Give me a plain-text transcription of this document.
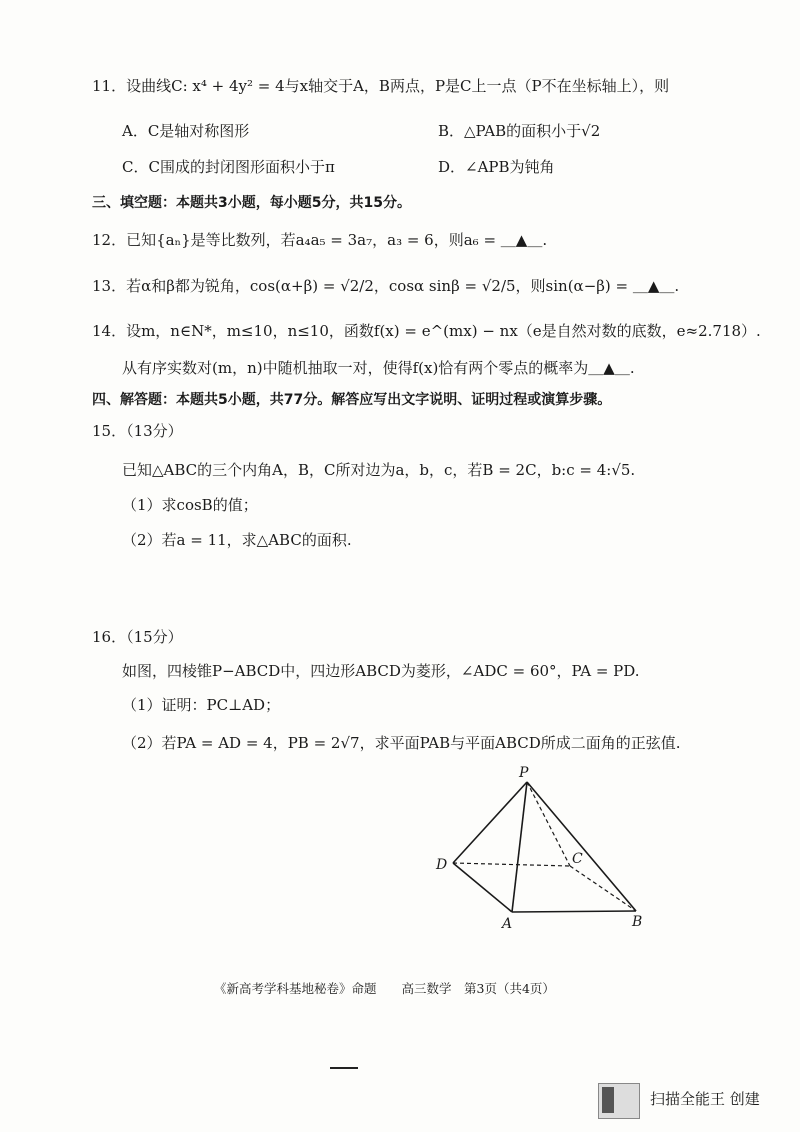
11．设曲线C: x⁴ + 4y² = 4与x轴交于A，B两点，P是C上一点（P不在坐标轴上），则
A．C是轴对称图形	B．△PAB的面积小于√2
C．C围成的封闭图形面积小于π	D．∠APB为钝角
三、填空题：本题共3小题，每小题5分，共15分。
12．已知{aₙ}是等比数列，若a₄a₅ = 3a₇，a₃ = 6，则a₆ = ＿▲＿.
13．若α和β都为锐角，cos(α+β) = √2/2，cosα sinβ = √2/5，则sin(α−β) = ＿▲＿.
14．设m，n∈N*，m≤10，n≤10，函数f(x) = e^(mx) − nx（e是自然对数的底数，e≈2.718）.
从有序实数对(m，n)中随机抽取一对，使得f(x)恰有两个零点的概率为＿▲＿.
四、解答题：本题共5小题，共77分。解答应写出文字说明、证明过程或演算步骤。
15．（13分）
已知△ABC的三个内角A，B，C所对边为a，b，c，若B = 2C，b:c = 4:√5.
（1）求cosB的值；
（2）若a = 11，求△ABC的面积.
16．（15分）
如图，四棱锥P−ABCD中，四边形ABCD为菱形，∠ADC = 60°，PA = PD.
（1）证明：PC⊥AD；
（2）若PA = AD = 4，PB = 2√7，求平面PAB与平面ABCD所成二面角的正弦值.
P
D	C
A	B
《新高考学科基地秘卷》命题　　高三数学　第3页（共4页）
扫描全能王 创建
